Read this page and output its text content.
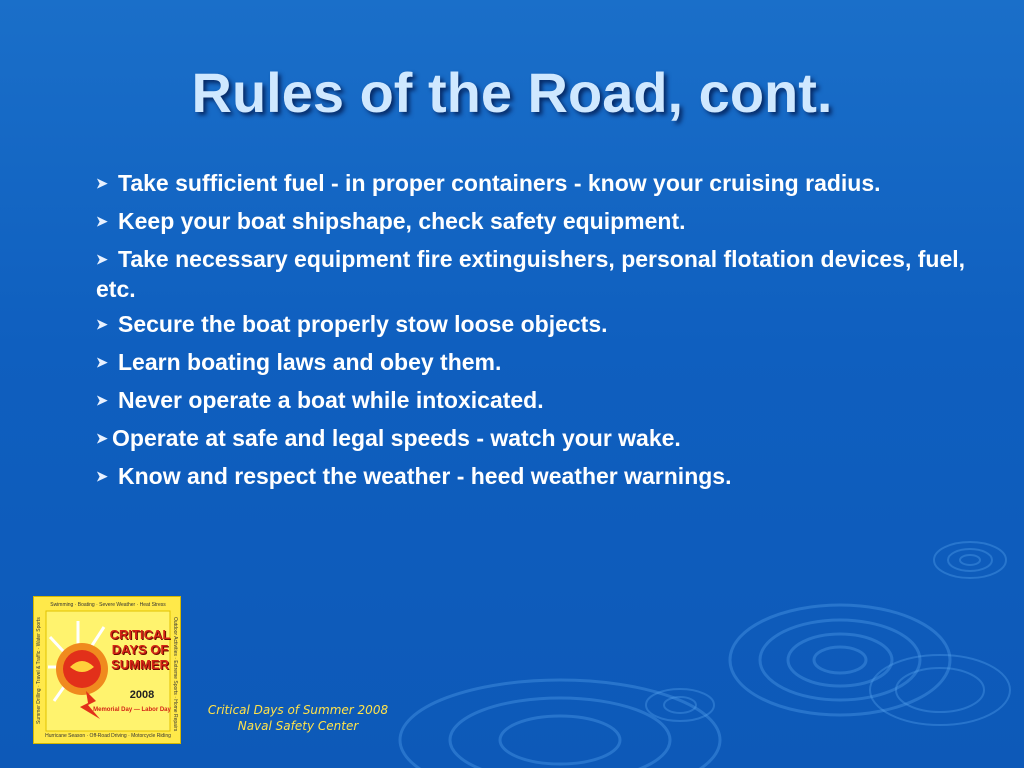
Rules of the Road, cont.
➤ Take sufficient fuel - in proper containers - know your cruising radius.
➤ Keep your boat shipshape, check safety equipment.
➤ Take necessary equipment fire extinguishers, personal flotation devices, fuel, etc.
➤ Secure the boat properly stow loose objects.
➤ Learn boating laws and obey them.
➤ Never operate a boat while intoxicated.
➤ Operate at safe and legal speeds - watch your wake.
➤ Know and respect the weather - heed weather warnings.
Swimming · Boating · Severe Weather · Heat Stress
Summer Drilling · Travel & Traffic · Water Sports	Outdoor Activities · Extreme Sports · Home Repairs
CRITICAL
DAYS OF
SUMMER
2008
Memorial Day — Labor Day
Hurricane Season · Off-Road Driving · Motorcycle Riding
Critical Days of Summer 2008
Naval Safety Center
